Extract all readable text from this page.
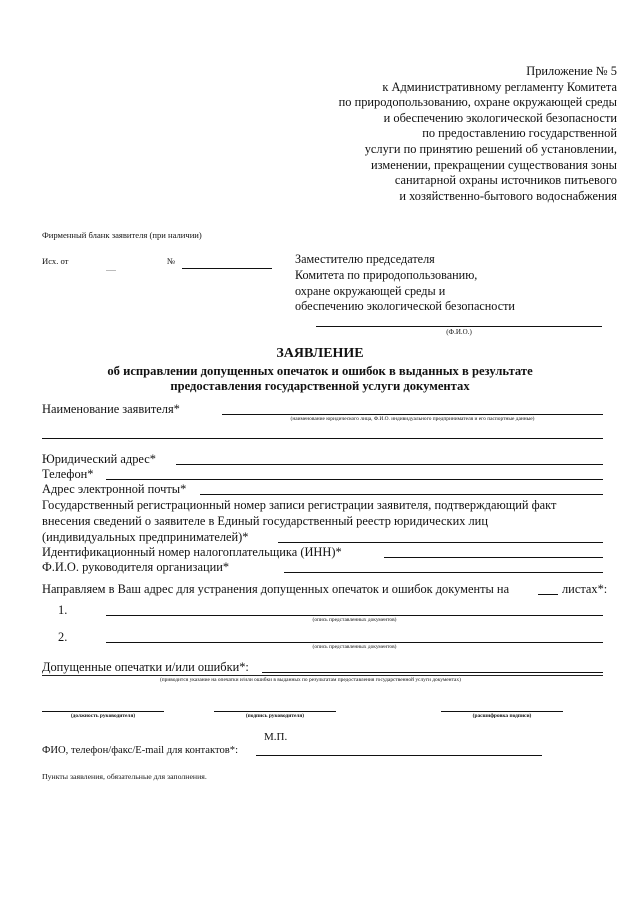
Приложение № 5
к Административному регламенту Комитета
по природопользованию, охране окружающей среды
и обеспечению экологической безопасности
по предоставлению государственной
услуги по принятию решений об установлении,
изменении, прекращении существования зоны
санитарной охраны источников питьевого
и хозяйственно-бытового водоснабжения
Фирменный бланк заявителя (при наличии)
Исх. от	№	Заместителю председателя
Комитета по природопользованию,
охране окружающей среды и
обеспечению экологической безопасности
(Ф.И.О.)
ЗАЯВЛЕНИЕ
об исправлении допущенных опечаток и ошибок в выданных в результате
предоставления государственной услуги документах
Наименование заявителя*
(наименование юридического лица, Ф.И.О. индивидуального предпринимателя и его паспортные данные)
Юридический адрес*
Телефон*
Адрес электронной почты*
Государственный регистрационный номер записи регистрации заявителя, подтверждающий факт
внесения сведений о заявителе в Единый государственный реестр юридических лиц
(индивидуальных предпринимателей)*
Идентификационный номер налогоплательщика (ИНН)*
Ф.И.О. руководителя организации*
Направляем в Ваш адрес для устранения допущенных опечаток и ошибок документы на	листах*:
1.
(опись представленных документов)
2.
(опись представленных документов)
Допущенные опечатки и/или ошибки*:
(приводится указание на опечатки и/или ошибки в выданных по результатам предоставления государственной услуги документах)
(должность руководителя)	(подпись руководителя)	(расшифровка подписи)
М.П.
ФИО, телефон/факс/E-mail для контактов*:
Пункты заявления, обязательные для заполнения.
